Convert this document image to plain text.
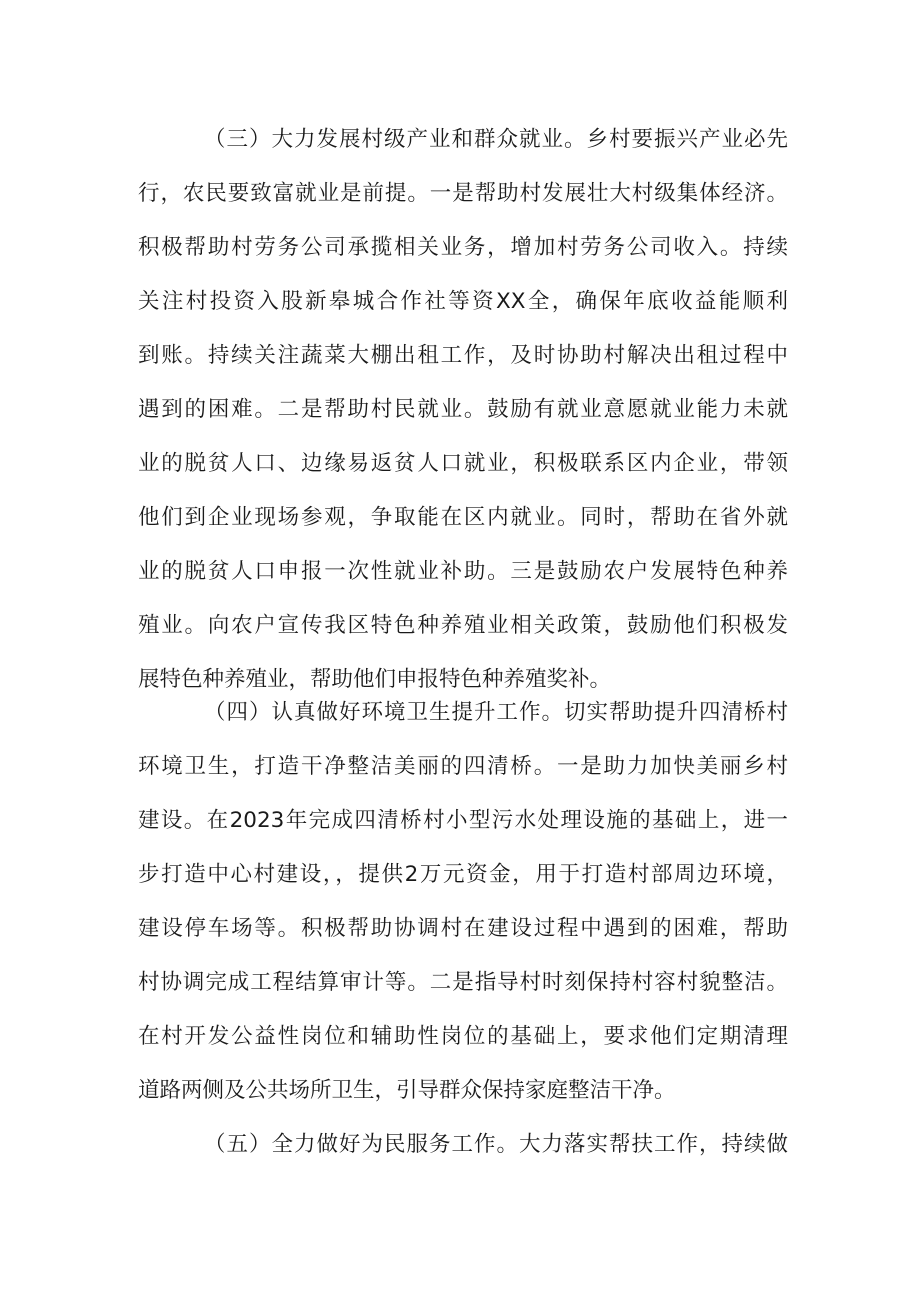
（三）大力发展村级产业和群众就业。乡村要振兴产业必先
行，农民要致富就业是前提。一是帮助村发展壮大村级集体经济。
积极帮助村劳务公司承揽相关业务，增加村劳务公司收入。持续
关注村投资入股新皋城合作社等资XX全，确保年底收益能顺利
到账。持续关注蔬菜大棚出租工作，及时协助村解决出租过程中
遇到的困难。二是帮助村民就业。鼓励有就业意愿就业能力未就
业的脱贫人口、边缘易返贫人口就业，积极联系区内企业，带领
他们到企业现场参观，争取能在区内就业。同时，帮助在省外就
业的脱贫人口申报一次性就业补助。三是鼓励农户发展特色种养
殖业。向农户宣传我区特色种养殖业相关政策，鼓励他们积极发
展特色种养殖业，帮助他们申报特色种养殖奖补。
（四）认真做好环境卫生提升工作。切实帮助提升四清桥村
环境卫生，打造干净整洁美丽的四清桥。一是助力加快美丽乡村
建设。在2023年完成四清桥村小型污水处理设施的基础上，进一
步打造中心村建设，，提供2万元资金，用于打造村部周边环境，
建设停车场等。积极帮助协调村在建设过程中遇到的困难，帮助
村协调完成工程结算审计等。二是指导村时刻保持村容村貌整洁。
在村开发公益性岗位和辅助性岗位的基础上，要求他们定期清理
道路两侧及公共场所卫生，引导群众保持家庭整洁干净。
（五）全力做好为民服务工作。大力落实帮扶工作，持续做
